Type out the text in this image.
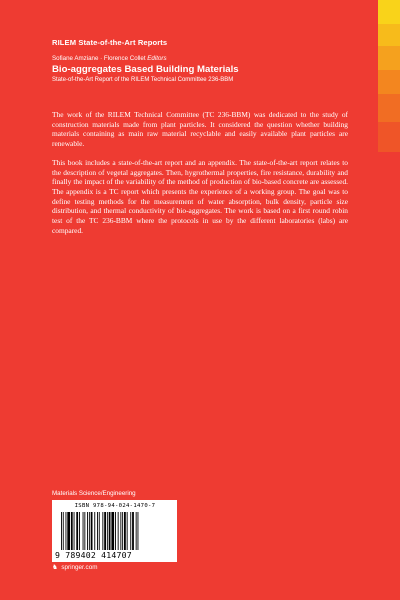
RILEM State-of-the-Art Reports
Sofiane Amziane · Florence Collet Editors
Bio-aggregates Based Building Materials
State-of-the-Art Report of the RILEM Technical Committee 236-BBM

The work of the RILEM Technical Committee (TC 236-BBM) was dedicated to the study of construction materials made from plant particles. It considered the question whether building materials containing as main raw material recyclable and easily available plant particles are renewable.

This book includes a state-of-the-art report and an appendix. The state-of-the-art report relates to the description of vegetal aggregates. Then, hygrothermal properties, fire resistance, durability and finally the impact of the variability of the method of production of bio-based concrete are assessed. The appendix is a TC report which presents the experience of a working group. The goal was to define testing methods for the measurement of water absorption, bulk density, particle size distribution, and thermal conductivity of bio-aggregates. The work is based on a first round robin test of the TC 236-BBM where the protocols in use by the different laboratories (labs) are compared.

Materials Science/Engineering
ISBN 978-94-024-1470-7
9 789402 414707
♞ springer.com
